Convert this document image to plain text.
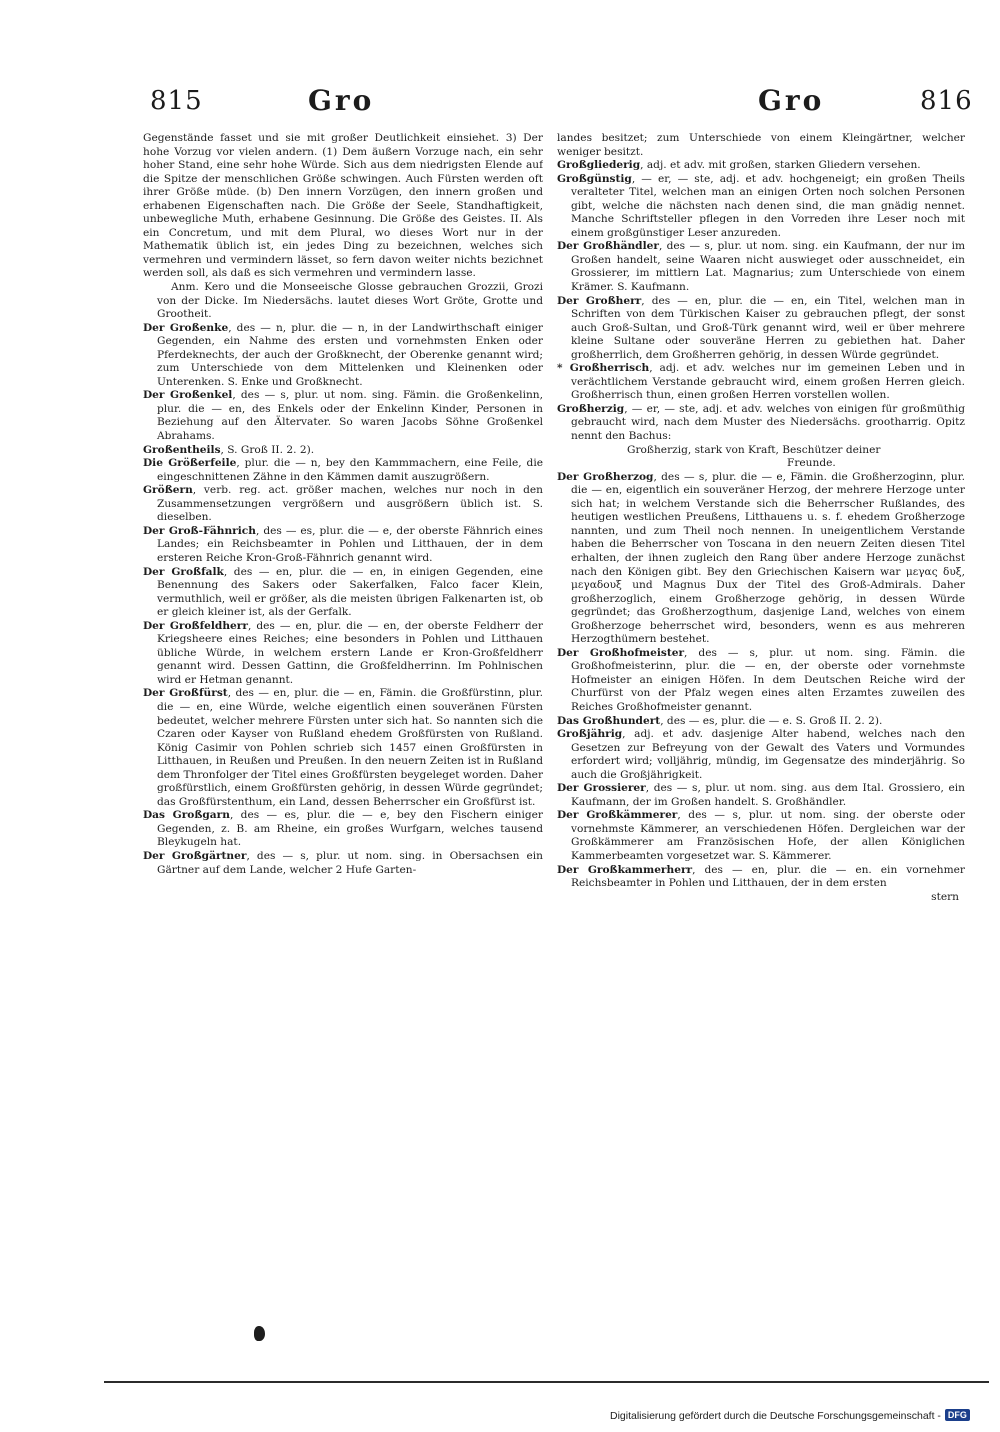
815	Gro	Gro	816

Gegenstände fasset und sie mit großer Deutlichkeit einsiehet. 3) Der hohe Vorzug vor vielen andern. (1) Dem äußern Vorzuge nach, ein sehr hoher Stand, eine sehr hohe Würde. Sich aus dem niedrigsten Elende auf die Spitze der menschlichen Größe schwingen. Auch Fürsten werden oft ihrer Größe müde. (b) Den innern Vorzügen, den innern großen und erhabenen Eigenschaften nach. Die Größe der Seele, Standhaftigkeit, unbewegliche Muth, erhabene Gesinnung. Die Größe des Geistes. II. Als ein Concretum, und mit dem Plural, wo dieses Wort nur in der Mathematik üblich ist, ein jedes Ding zu bezeichnen, welches sich vermehren und vermindern lässet, so fern davon weiter nichts bezichnet werden soll, als daß es sich vermehren und vermindern lasse.

Anm. Kero und die Monseeische Glosse gebrauchen Grozzii, Grozi von der Dicke. Im Niedersächs. lautet dieses Wort Gröte, Grotte und Grootheit.

Der Großenke, des — n, plur. die — n, in der Landwirthschaft einiger Gegenden, ein Nahme des ersten und vornehmsten Enken oder Pferdeknechts, der auch der Großknecht, der Oberenke genannt wird; zum Unterschiede von dem Mittelenken und Kleinenken oder Unterenken. S. Enke und Großknecht.

Der Großenkel, des — s, plur. ut nom. sing. Fämin. die Großenkelinn, plur. die — en, des Enkels oder der Enkelinn Kinder, Personen in Beziehung auf den Ältervater. So waren Jacobs Söhne Großenkel Abrahams.

Großentheils, S. Groß II. 2. 2).

Die Größerfeile, plur. die — n, bey den Kammmachern, eine Feile, die eingeschnittenen Zähne in den Kämmen damit auszugrößern.

Größern, verb. reg. act. größer machen, welches nur noch in den Zusammensetzungen vergrößern und ausgrößern üblich ist. S. dieselben.

Der Groß-Fähnrich, des — es, plur. die — e, der oberste Fähnrich eines Landes; ein Reichsbeamter in Pohlen und Litthauen, der in dem ersteren Reiche Kron-Groß-Fähnrich genannt wird.

Der Großfalk, des — en, plur. die — en, in einigen Gegenden, eine Benennung des Sakers oder Sakerfalken, Falco facer Klein, vermuthlich, weil er größer, als die meisten übrigen Falkenarten ist, ob er gleich kleiner ist, als der Gerfalk.

Der Großfeldherr, des — en, plur. die — en, der oberste Feldherr der Kriegsheere eines Reiches; eine besonders in Pohlen und Litthauen übliche Würde, in welchem erstern Lande er Kron-Großfeldherr genannt wird. Dessen Gattinn, die Großfeldherrinn. Im Pohlnischen wird er Hetman genannt.

Der Großfürst, des — en, plur. die — en, Fämin. die Großfürstinn, plur. die — en, eine Würde, welche eigentlich einen souveränen Fürsten bedeutet, welcher mehrere Fürsten unter sich hat. So nannten sich die Czaren oder Kayser von Rußland ehedem Großfürsten von Rußland. König Casimir von Pohlen schrieb sich 1457 einen Großfürsten in Litthauen, in Reußen und Preußen. In den neuern Zeiten ist in Rußland dem Thronfolger der Titel eines Großfürsten beygeleget worden. Daher großfürstlich, einem Großfürsten gehörig, in dessen Würde gegründet; das Großfürstenthum, ein Land, dessen Beherrscher ein Großfürst ist.

Das Großgarn, des — es, plur. die — e, bey den Fischern einiger Gegenden, z. B. am Rheine, ein großes Wurfgarn, welches tausend Bleykugeln hat.

Der Großgärtner, des — s, plur. ut nom. sing. in Obersachsen ein Gärtner auf dem Lande, welcher 2 Hufe Garten-

landes besitzet; zum Unterschiede von einem Kleingärtner, welcher weniger besitzt.

Großgliederig, adj. et adv. mit großen, starken Gliedern versehen.

Großgünstig, — er, — ste, adj. et adv. hochgeneigt; ein großen Theils veralteter Titel, welchen man an einigen Orten noch solchen Personen gibt, welche die nächsten nach denen sind, die man gnädig nennet. Manche Schriftsteller pflegen in den Vorreden ihre Leser noch mit einem großgünstiger Leser anzureden.

Der Großhändler, des — s, plur. ut nom. sing. ein Kaufmann, der nur im Großen handelt, seine Waaren nicht auswieget oder ausschneidet, ein Grossierer, im mittlern Lat. Magnarius; zum Unterschiede von einem Krämer. S. Kaufmann.

Der Großherr, des — en, plur. die — en, ein Titel, welchen man in Schriften von dem Türkischen Kaiser zu gebrauchen pflegt, der sonst auch Groß-Sultan, und Groß-Türk genannt wird, weil er über mehrere kleine Sultane oder souveräne Herren zu gebiethen hat. Daher großherrlich, dem Großherren gehörig, in dessen Würde gegründet.

* Großherrisch, adj. et adv. welches nur im gemeinen Leben und in verächtlichem Verstande gebraucht wird, einem großen Herren gleich. Großherrisch thun, einen großen Herren vorstellen wollen.

Großherzig, — er, — ste, adj. et adv. welches von einigen für großmüthig gebraucht wird, nach dem Muster des Niedersächs. grootharrig. Opitz nennt den Bachus:

Großherzig, stark von Kraft, Beschützer deiner

Freunde.

Der Großherzog, des — s, plur. die — e, Fämin. die Großherzoginn, plur. die — en, eigentlich ein souveräner Herzog, der mehrere Herzoge unter sich hat; in welchem Verstande sich die Beherrscher Rußlandes, des heutigen westlichen Preußens, Litthauens u. s. f. ehedem Großherzoge nannten, und zum Theil noch nennen. In uneigentlichem Verstande haben die Beherrscher von Toscana in den neuern Zeiten diesen Titel erhalten, der ihnen zugleich den Rang über andere Herzoge zunächst nach den Königen gibt. Bey den Griechischen Kaisern war μεγας δυξ, μεγαδουξ und Magnus Dux der Titel des Groß-Admirals. Daher großherzoglich, einem Großherzoge gehörig, in dessen Würde gegründet; das Großherzogthum, dasjenige Land, welches von einem Großherzoge beherrschet wird, besonders, wenn es aus mehreren Herzogthümern bestehet.

Der Großhofmeister, des — s, plur. ut nom. sing. Fämin. die Großhofmeisterinn, plur. die — en, der oberste oder vornehmste Hofmeister an einigen Höfen. In dem Deutschen Reiche wird der Churfürst von der Pfalz wegen eines alten Erzamtes zuweilen des Reiches Großhofmeister genannt.

Das Großhundert, des — es, plur. die — e. S. Groß II. 2. 2).

Großjährig, adj. et adv. dasjenige Alter habend, welches nach den Gesetzen zur Befreyung von der Gewalt des Vaters und Vormundes erfordert wird; volljährig, mündig, im Gegensatze des minderjährig. So auch die Großjährigkeit.

Der Grossierer, des — s, plur. ut nom. sing. aus dem Ital. Grossiero, ein Kaufmann, der im Großen handelt. S. Großhändler.

Der Großkämmerer, des — s, plur. ut nom. sing. der oberste oder vornehmste Kämmerer, an verschiedenen Höfen. Dergleichen war der Großkämmerer am Französischen Hofe, der allen Königlichen Kammerbeamten vorgesetzet war. S. Kämmerer.

Der Großkammerherr, des — en, plur. die — en. ein vornehmer Reichsbeamter in Pohlen und Litthauen, der in dem ersten

stern

Digitalisierung gefördert durch die Deutsche Forschungsgemeinschaft - DFG
